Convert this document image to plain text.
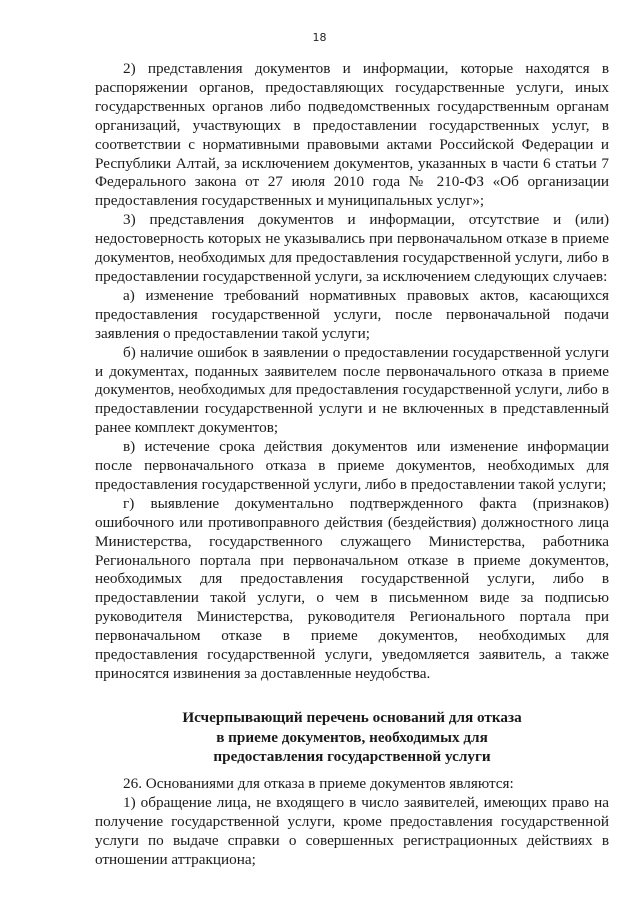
18

2) представления документов и информации, которые находятся в распоряжении органов, предоставляющих государственные услуги, иных государственных органов либо подведомственных государственным органам организаций, участвующих в предоставлении государственных услуг, в соответствии с нормативными правовыми актами Российской Федерации и Республики Алтай, за исключением документов, указанных в части 6 статьи 7 Федерального закона от 27 июля 2010 года № 210-ФЗ «Об организации предоставления государственных и муниципальных услуг»;

3) представления документов и информации, отсутствие и (или) недостоверность которых не указывались при первоначальном отказе в приеме документов, необходимых для предоставления государственной услуги, либо в предоставлении государственной услуги, за исключением следующих случаев:

а) изменение требований нормативных правовых актов, касающихся предоставления государственной услуги, после первоначальной подачи заявления о предоставлении такой услуги;

б) наличие ошибок в заявлении о предоставлении государственной услуги и документах, поданных заявителем после первоначального отказа в приеме документов, необходимых для предоставления государственной услуги, либо в предоставлении государственной услуги и не включенных в представленный ранее комплект документов;

в) истечение срока действия документов или изменение информации после первоначального отказа в приеме документов, необходимых для предоставления государственной услуги, либо в предоставлении такой услуги;

г) выявление документально подтвержденного факта (признаков) ошибочного или противоправного действия (бездействия) должностного лица Министерства, государственного служащего Министерства, работника Регионального портала при первоначальном отказе в приеме документов, необходимых для предоставления государственной услуги, либо в предоставлении такой услуги, о чем в письменном виде за подписью руководителя Министерства, руководителя Регионального портала при первоначальном отказе в приеме документов, необходимых для предоставления государственной услуги, уведомляется заявитель, а также приносятся извинения за доставленные неудобства.

Исчерпывающий перечень оснований для отказа
в приеме документов, необходимых для
предоставления государственной услуги

26. Основаниями для отказа в приеме документов являются:

1) обращение лица, не входящего в число заявителей, имеющих право на получение государственной услуги, кроме предоставления государственной услуги по выдаче справки о совершенных регистрационных действиях в отношении аттракциона;
